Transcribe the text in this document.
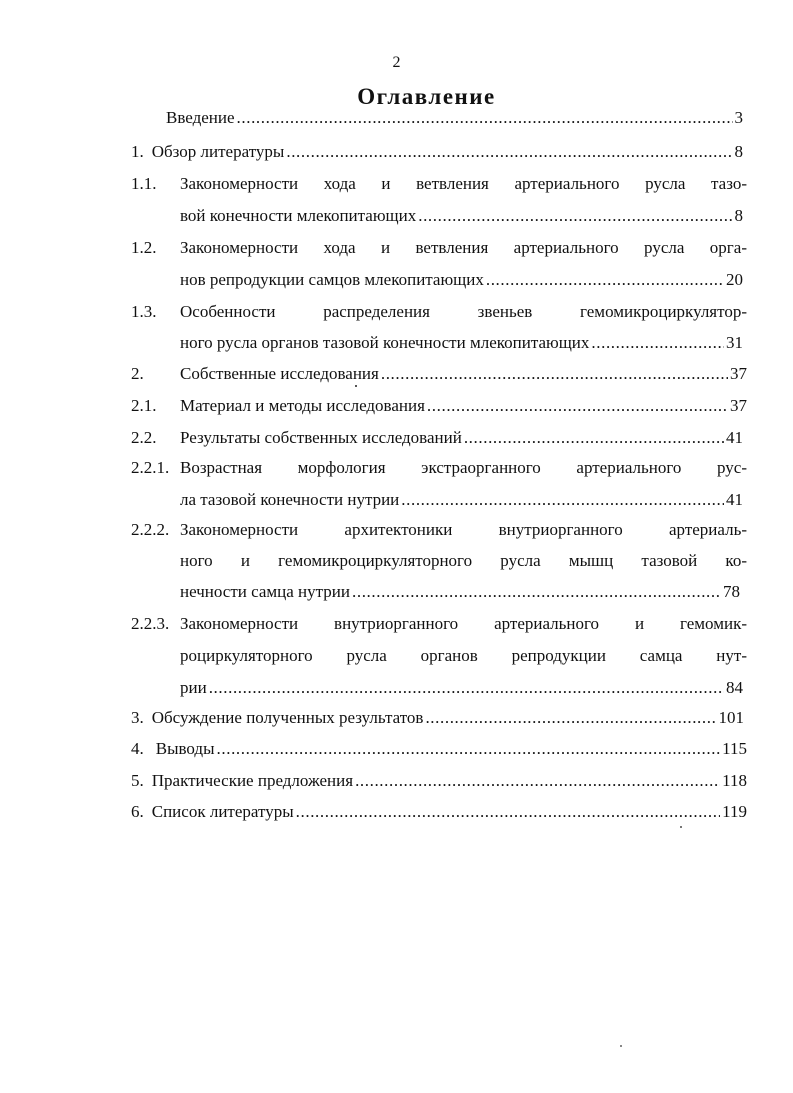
2
Оглавление
Введение .....	3
1. Обзор литературы .....	8
1.1. Закономерности хода и ветвления артериального русла тазо-
вой конечности млекопитающих .....	8
1.2. Закономерности хода и ветвления артериального русла орга-
нов репродукции самцов млекопитающих .....	20
1.3. Особенности распределения звеньев гемомикроциркулятор-
ного русла органов тазовой конечности млекопитающих .....	31
2. Собственные исследования .....	37
2.1. Материал и методы исследования .....	37
2.2. Результаты собственных исследований .....	41
2.2.1. Возрастная морфология экстраорганного артериального рус-
ла тазовой конечности нутрии .....	41
2.2.2. Закономерности архитектоники внутриорганного артериаль-
ного и гемомикроциркуляторного русла мышц тазовой ко-
нечности самца нутрии .....	78
2.2.3. Закономерности внутриорганного артериального и гемомик-
роциркуляторного русла органов репродукции самца нут-
рии .....	84
3. Обсуждение полученных результатов .....	101
4. Выводы .....	115
5. Практические предложения .....	118
6. Список литературы .....	119
